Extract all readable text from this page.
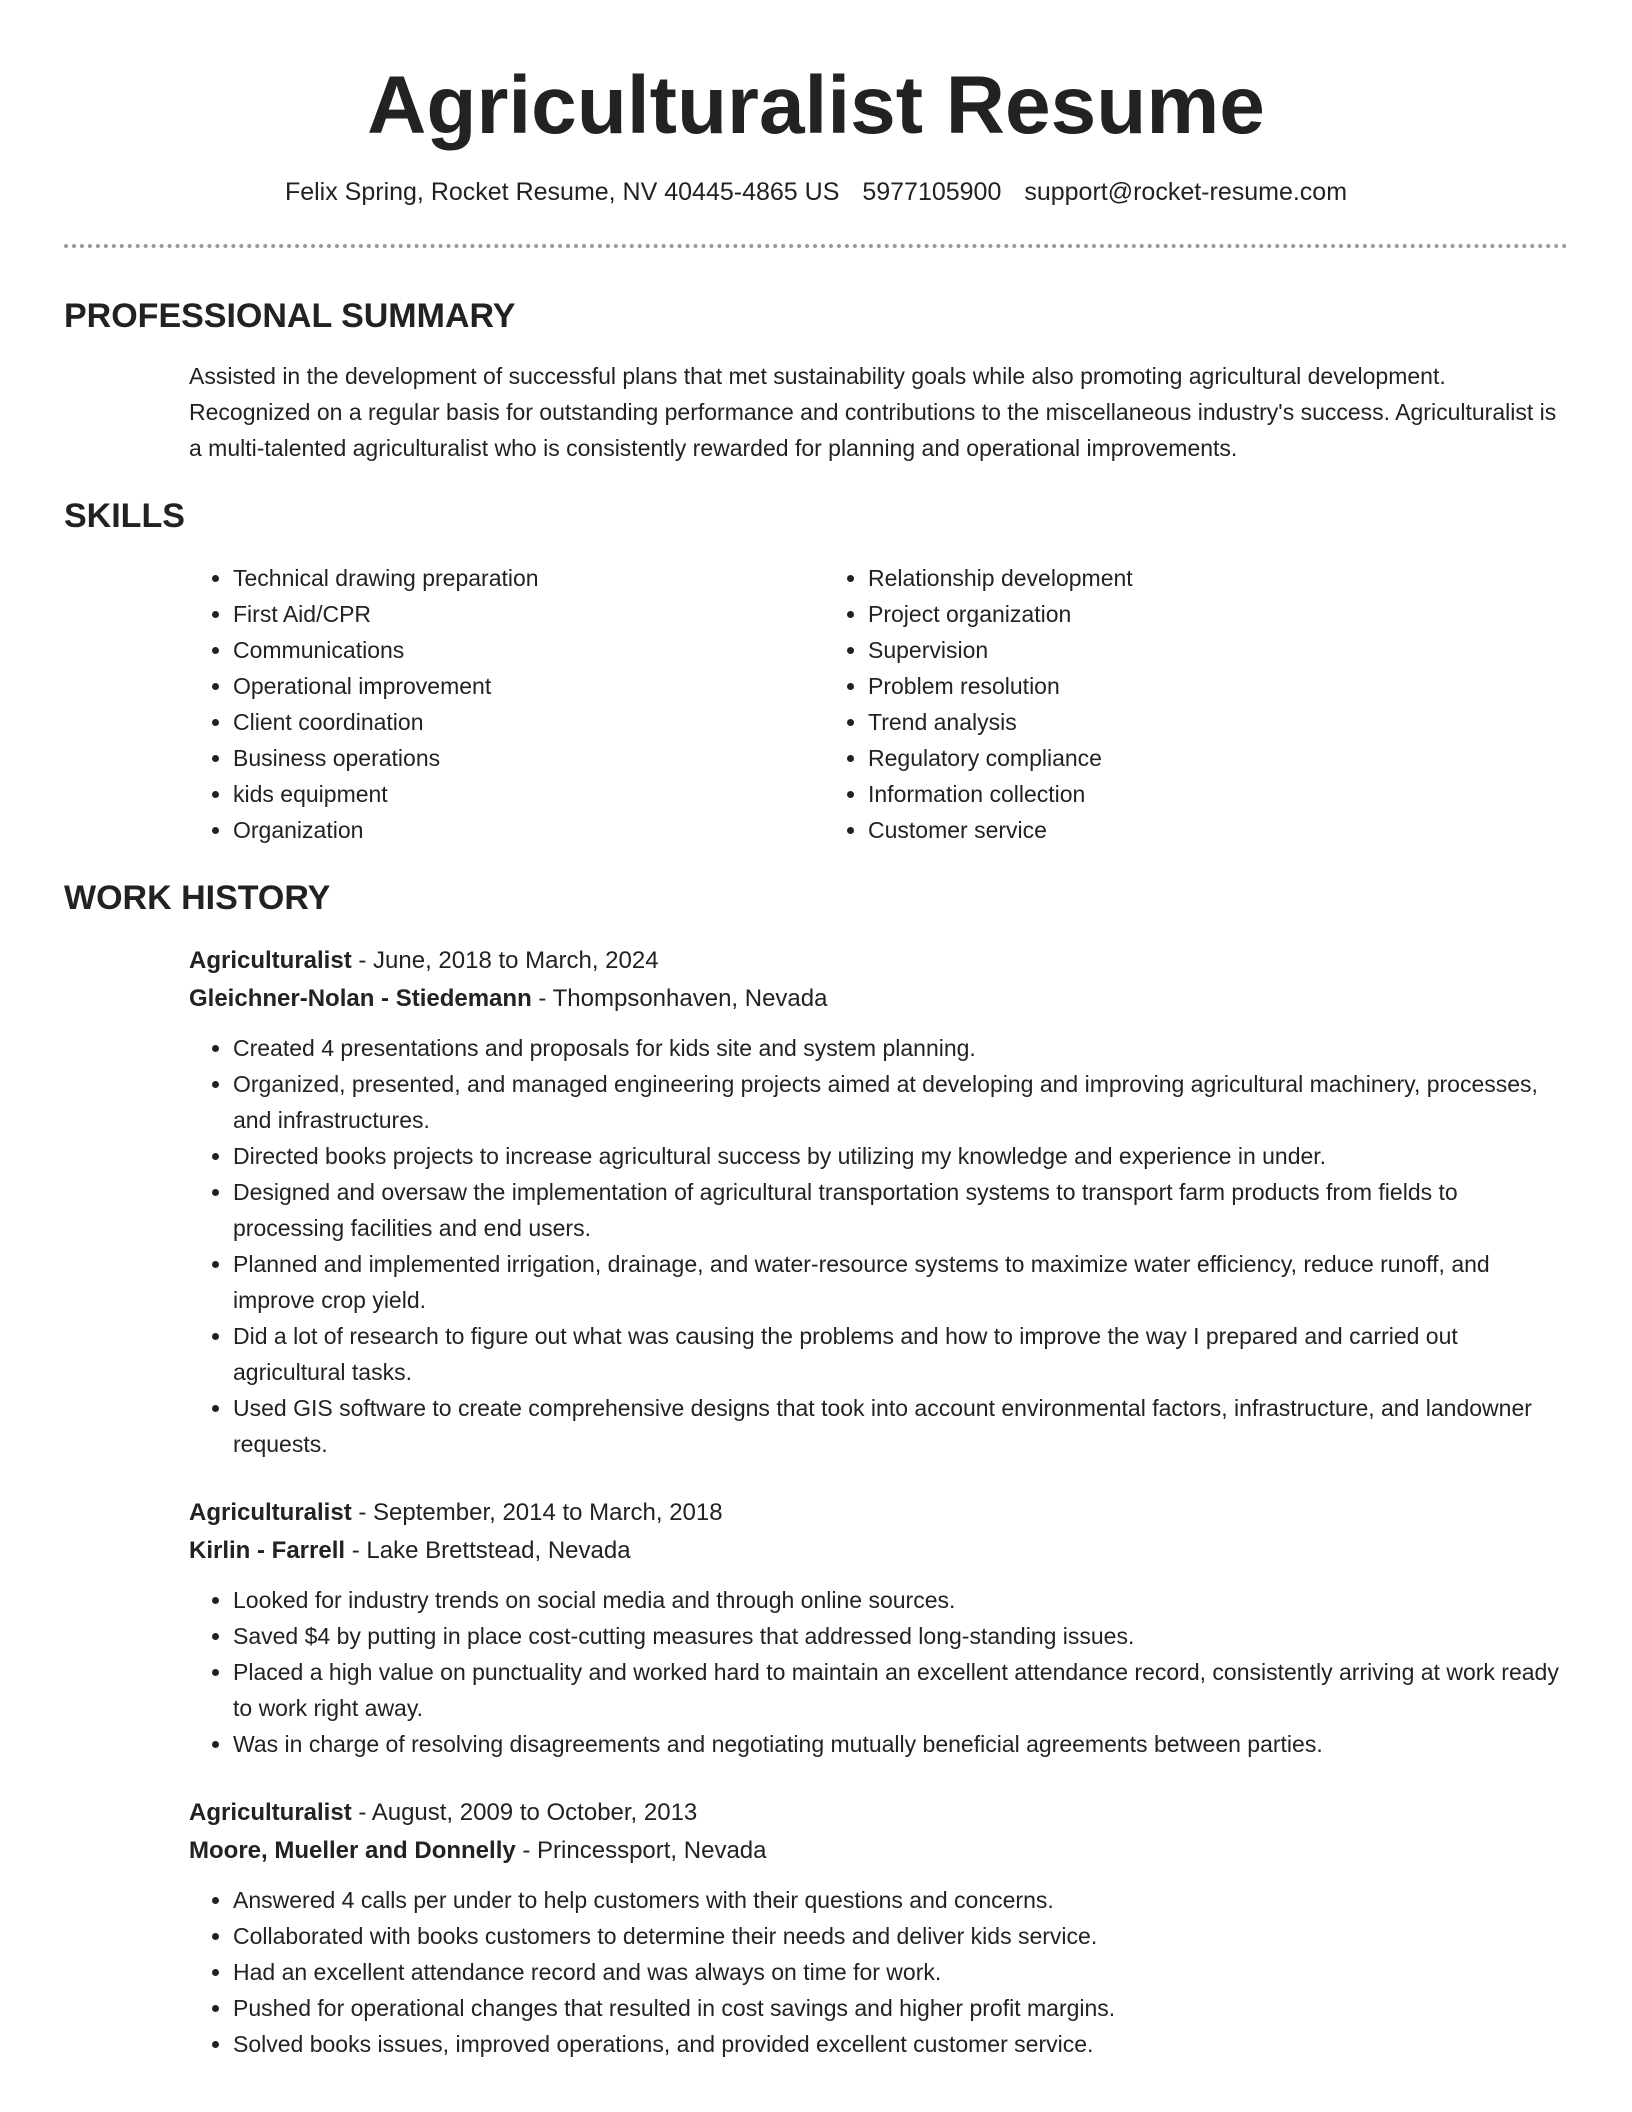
Agriculturalist Resume
Felix Spring, Rocket Resume, NV 40445-4865 US 5977105900 support@rocket-resume.com
PROFESSIONAL SUMMARY
Assisted in the development of successful plans that met sustainability goals while also promoting agricultural development. Recognized on a regular basis for outstanding performance and contributions to the miscellaneous industry's success. Agriculturalist is a multi-talented agriculturalist who is consistently rewarded for planning and operational improvements.
SKILLS
• Technical drawing preparation
• First Aid/CPR
• Communications
• Operational improvement
• Client coordination
• Business operations
• kids equipment
• Organization
• Relationship development
• Project organization
• Supervision
• Problem resolution
• Trend analysis
• Regulatory compliance
• Information collection
• Customer service
WORK HISTORY
Agriculturalist - June, 2018 to March, 2024
Gleichner-Nolan - Stiedemann - Thompsonhaven, Nevada
• Created 4 presentations and proposals for kids site and system planning.
• Organized, presented, and managed engineering projects aimed at developing and improving agricultural machinery, processes, and infrastructures.
• Directed books projects to increase agricultural success by utilizing my knowledge and experience in under.
• Designed and oversaw the implementation of agricultural transportation systems to transport farm products from fields to processing facilities and end users.
• Planned and implemented irrigation, drainage, and water-resource systems to maximize water efficiency, reduce runoff, and improve crop yield.
• Did a lot of research to figure out what was causing the problems and how to improve the way I prepared and carried out agricultural tasks.
• Used GIS software to create comprehensive designs that took into account environmental factors, infrastructure, and landowner requests.
Agriculturalist - September, 2014 to March, 2018
Kirlin - Farrell - Lake Brettstead, Nevada
• Looked for industry trends on social media and through online sources.
• Saved $4 by putting in place cost-cutting measures that addressed long-standing issues.
• Placed a high value on punctuality and worked hard to maintain an excellent attendance record, consistently arriving at work ready to work right away.
• Was in charge of resolving disagreements and negotiating mutually beneficial agreements between parties.
Agriculturalist - August, 2009 to October, 2013
Moore, Mueller and Donnelly - Princessport, Nevada
• Answered 4 calls per under to help customers with their questions and concerns.
• Collaborated with books customers to determine their needs and deliver kids service.
• Had an excellent attendance record and was always on time for work.
• Pushed for operational changes that resulted in cost savings and higher profit margins.
• Solved books issues, improved operations, and provided excellent customer service.
